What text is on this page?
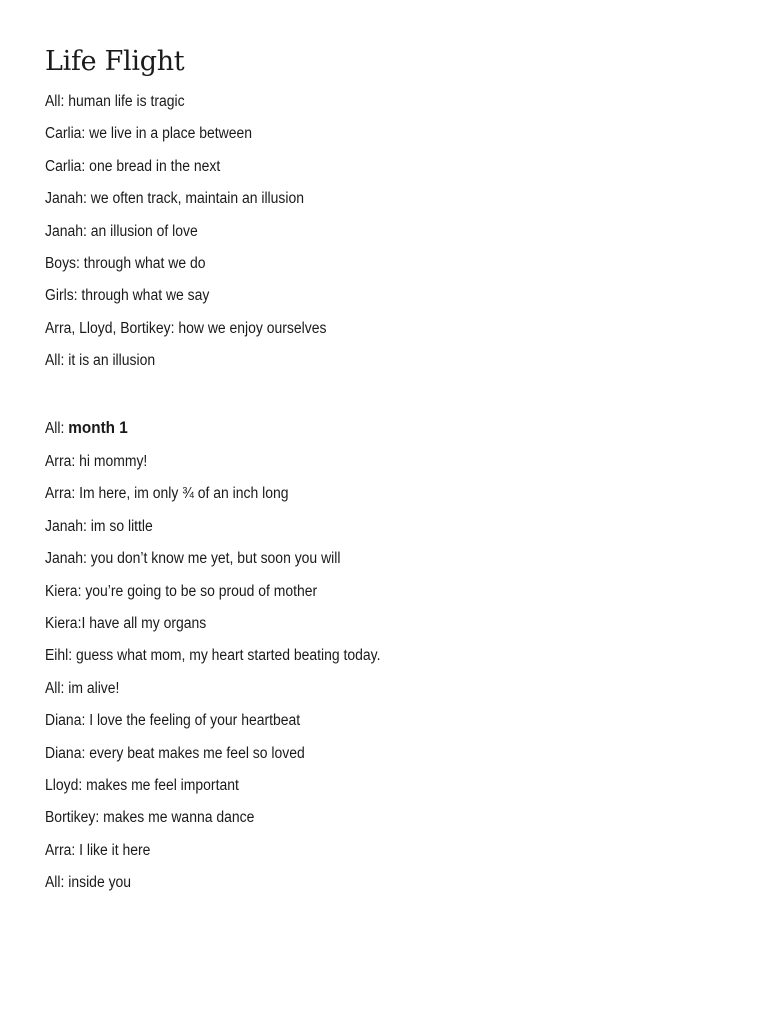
Life Flight
All: human life is tragic
Carlia: we live in a place between
Carlia: one bread in the next
Janah: we often track, maintain an illusion
Janah: an illusion of love
Boys: through what we do
Girls: through what we say
Arra, Lloyd, Bortikey: how we enjoy ourselves
All: it is an illusion
All: month 1
Arra: hi mommy!
Arra: Im here, im only ¾ of an inch long
Janah: im so little
Janah: you don’t know me yet, but soon you will
Kiera: you’re going to be so proud of mother
Kiera:I have all my organs
Eihl: guess what mom, my heart started beating today.
All: im alive!
Diana: I love the feeling of your heartbeat
Diana: every beat makes me feel so loved
Lloyd: makes me feel important
Bortikey: makes me wanna dance
Arra: I like it here
All: inside you
